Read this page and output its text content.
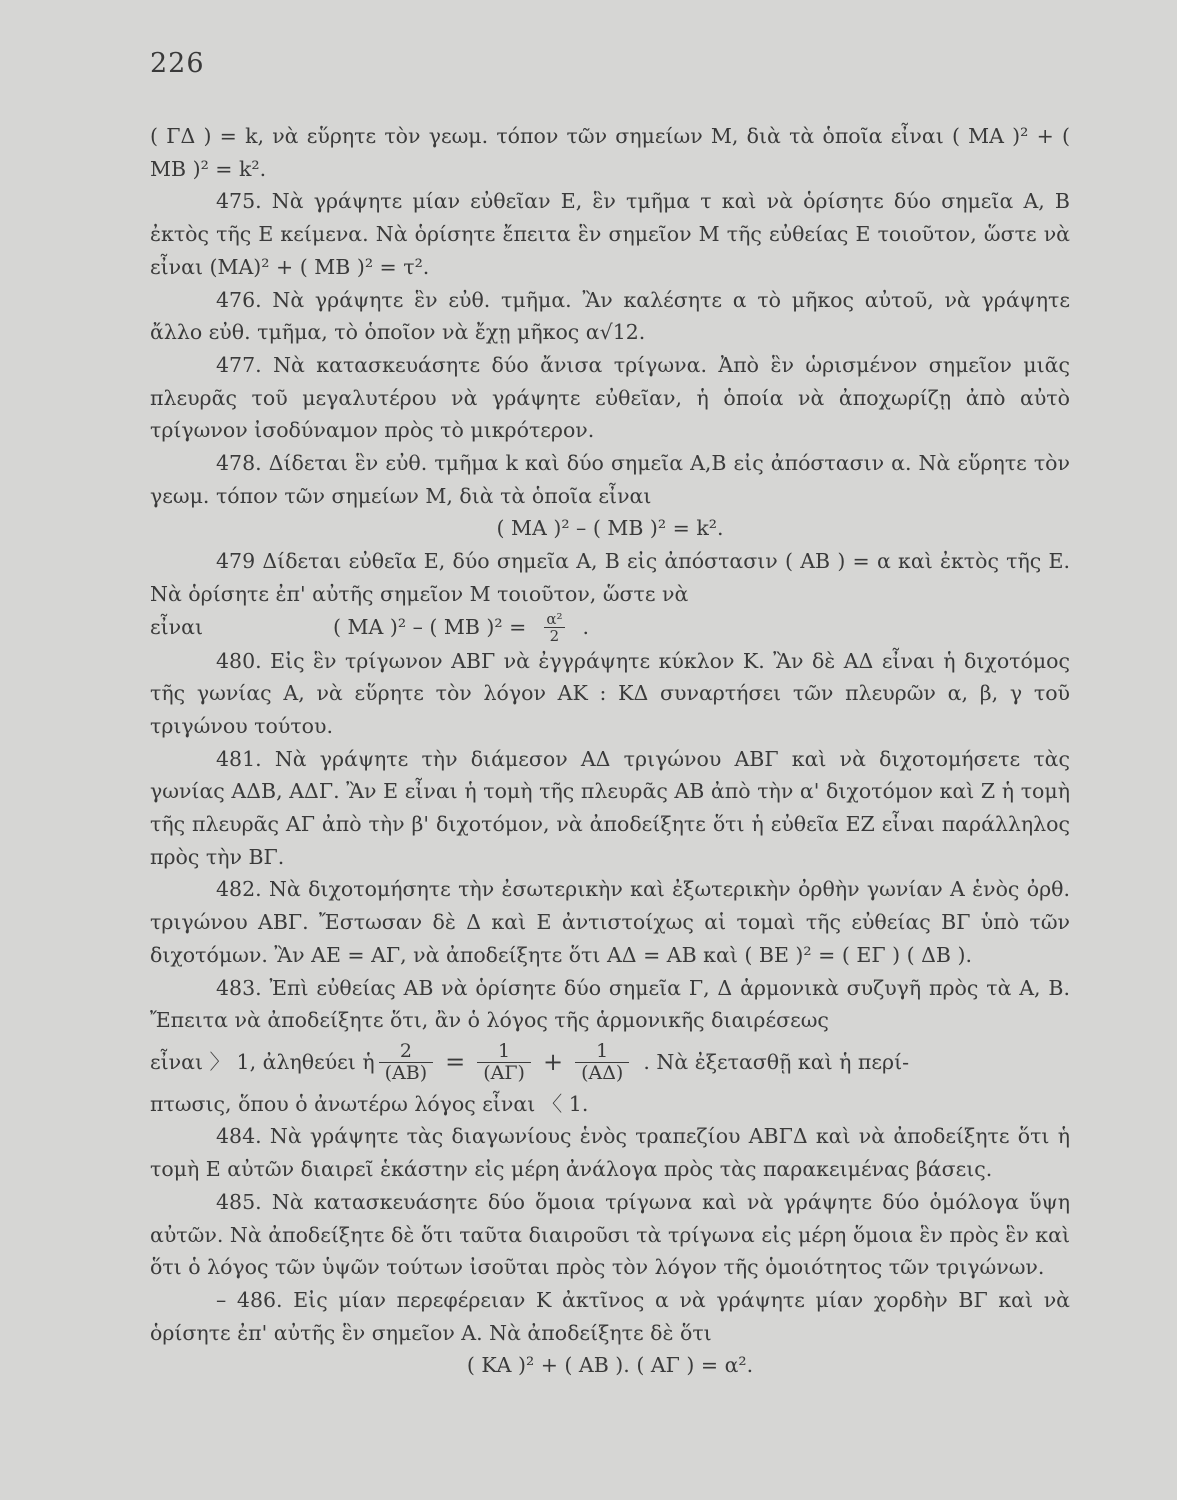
226

( ΓΔ ) = k, νὰ εὕρητε τὸν γεωμ. τόπον τῶν σημείων Μ, διὰ τὰ ὁποῖα εἶναι ( ΜΑ )² + ( ΜΒ )² = k².

475. Νὰ γράψητε μίαν εὐθεῖαν Ε, ἓν τμῆμα τ καὶ νὰ ὁρίσητε δύο σημεῖα Α, Β ἐκτὸς τῆς Ε κείμενα. Νὰ ὁρίσητε ἔπειτα ἓν σημεῖον Μ τῆς εὐθείας Ε τοιοῦτον, ὥστε νὰ εἶναι (ΜΑ)² + ( ΜΒ )² = τ².

476. Νὰ γράψητε ἓν εὐθ. τμῆμα. Ἂν καλέσητε α τὸ μῆκος αὐτοῦ, νὰ γράψητε ἄλλο εὐθ. τμῆμα, τὸ ὁποῖον νὰ ἔχῃ μῆκος α√12.

477. Νὰ κατασκευάσητε δύο ἄνισα τρίγωνα. Ἀπὸ ἓν ὡρισμένον σημεῖον μιᾶς πλευρᾶς τοῦ μεγαλυτέρου νὰ γράψητε εὐθεῖαν, ἡ ὁποία νὰ ἀποχωρίζῃ ἀπὸ αὐτὸ τρίγωνον ἰσοδύναμον πρὸς τὸ μικρότερον.

478. Δίδεται ἓν εὐθ. τμῆμα k καὶ δύο σημεῖα Α,Β εἰς ἀπόστασιν α. Νὰ εὕρητε τὸν γεωμ. τόπον τῶν σημείων Μ, διὰ τὰ ὁποῖα εἶναι

( ΜΑ )² – ( ΜΒ )² = k².

479 Δίδεται εὐθεῖα Ε, δύο σημεῖα Α, Β εἰς ἀπόστασιν ( ΑΒ ) = α καὶ ἐκτὸς τῆς Ε. Νὰ ὁρίσητε ἐπ' αὐτῆς σημεῖον Μ τοιοῦτον, ὥστε νὰ

εἶναι	( ΜΑ )² – ( ΜΒ )$^2 = \frac{\text{α²}}{2}$ .

480. Εἰς ἓν τρίγωνον ΑΒΓ νὰ ἐγγράψητε κύκλον Κ. Ἂν δὲ ΑΔ εἶναι ἡ διχοτόμος τῆς γωνίας Α, νὰ εὕρητε τὸν λόγον ΑΚ : ΚΔ συναρτήσει τῶν πλευρῶν α, β, γ τοῦ τριγώνου τούτου.

481. Νὰ γράψητε τὴν διάμεσον ΑΔ τριγώνου ΑΒΓ καὶ νὰ διχοτομήσετε τὰς γωνίας ΑΔΒ, ΑΔΓ. Ἂν Ε εἶναι ἡ τομὴ τῆς πλευρᾶς ΑΒ ἀπὸ τὴν α' διχοτόμον καὶ Ζ ἡ τομὴ τῆς πλευρᾶς ΑΓ ἀπὸ τὴν β' διχοτόμον, νὰ ἀποδείξητε ὅτι ἡ εὐθεῖα ΕΖ εἶναι παράλληλος πρὸς τὴν ΒΓ.

482. Νὰ διχοτομήσητε τὴν ἐσωτερικὴν καὶ ἐξωτερικὴν ὀρθὴν γωνίαν Α ἑνὸς ὀρθ. τριγώνου ΑΒΓ. Ἔστωσαν δὲ Δ καὶ Ε ἀντιστοίχως αἱ τομαὶ τῆς εὐθείας ΒΓ ὑπὸ τῶν διχοτόμων. Ἂν ΑΕ = ΑΓ, νὰ ἀποδείξητε ὅτι ΑΔ = ΑΒ καὶ ( ΒΕ )² = ( ΕΓ ) ( ΔΒ ).

483. Ἐπὶ εὐθείας ΑΒ νὰ ὁρίσητε δύο σημεῖα Γ, Δ ἁρμονικὰ συζυγῆ πρὸς τὰ Α, Β. Ἔπειτα νὰ ἀποδείξητε ὅτι, ἂν ὁ λόγος τῆς ἁρμονικῆς διαιρέσεως

εἶναι 〉 1, ἀληθεύει ἡ $\frac{2}{(AB)} = \frac{1}{(A\Gamma)} + \frac{1}{(A\Delta)}$ . Νὰ ἐξετασθῇ καὶ ἡ περί-

πτωσις, ὅπου ὁ ἀνωτέρω λόγος εἶναι 〈 1.

484. Νὰ γράψητε τὰς διαγωνίους ἑνὸς τραπεζίου ΑΒΓΔ καὶ νὰ ἀποδείξητε ὅτι ἡ τομὴ Ε αὐτῶν διαιρεῖ ἑκάστην εἰς μέρη ἀνάλογα πρὸς τὰς παρακειμένας βάσεις.

485. Νὰ κατασκευάσητε δύο ὅμοια τρίγωνα καὶ νὰ γράψητε δύο ὁμόλογα ὕψη αὐτῶν. Νὰ ἀποδείξητε δὲ ὅτι ταῦτα διαιροῦσι τὰ τρίγωνα εἰς μέρη ὅμοια ἓν πρὸς ἓν καὶ ὅτι ὁ λόγος τῶν ὑψῶν τούτων ἰσοῦται πρὸς τὸν λόγον τῆς ὁμοιότητος τῶν τριγώνων.

– 486. Εἰς μίαν περεφέρειαν Κ ἀκτῖνος α νὰ γράψητε μίαν χορδὴν ΒΓ καὶ νὰ ὁρίσητε ἐπ' αὐτῆς ἓν σημεῖον Α. Νὰ ἀποδείξητε δὲ ὅτι

( ΚΑ )² + ( ΑΒ ). ( ΑΓ ) = α².
